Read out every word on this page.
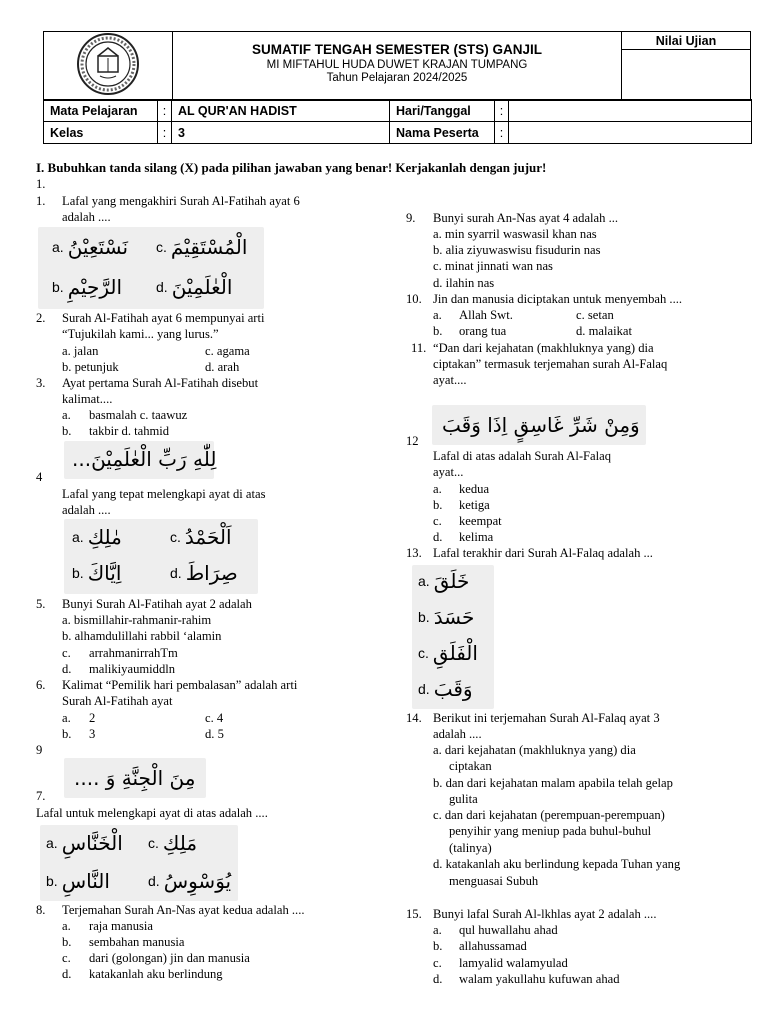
SUMATIF TENGAH SEMESTER (STS) GANJIL
MI MIFTAHUL HUDA DUWET KRAJAN TUMPANG
Tahun Pelajaran 2024/2025

Nilai Ujian
Mata Pelajaran	:	AL QUR'AN HADIST	Hari/Tanggal	:	
Kelas	:	3	Nama Peserta	:	
I. Bubuhkan tanda silang (X) pada pilihan jawaban yang benar! Kerjakanlah dengan jujur!
1.
1. Lafal yang mengakhiri Surah Al-Fatihah ayat 6
adalah ....
a. نَسْتَعِيْنُ c. الْمُسْتَقِيْمَ
b. الرَّحِيْمِ d. الْعٰلَمِيْنَ
2. Surah Al-Fatihah ayat 6 mempunyai arti
“Tujukilah kami... yang lurus.”
a. jalan	c. agama
b. petunjuk	d. arah
3. Ayat pertama Surah Al-Fatihah disebut
kalimat....
a. basmalah c. taawuz
b. takbir d. tahmid
لِلّٰهِ رَبِّ الْعٰلَمِيْنَ...
4
Lafal yang tepat melengkapi ayat di atas
adalah ....
a. مٰلِكِ	c. اَلْحَمْدُ
b. اِيَّاكَ	d. صِرَاطَ
5. Bunyi Surah Al-Fatihah ayat 2 adalah
a. bismillahir-rahmanir-rahim
b. alhamdulillahi rabbil ‘alamin
c. arrahmanirrahTm
d. malikiyaumiddln
6. Kalimat “Pemilik hari pembalasan” adalah arti
Surah Al-Fatihah ayat
a. 2	c. 4
b. 3	d. 5
9
مِنَ الْجِنَّةِ وَ ....
7.
Lafal untuk melengkapi ayat di atas adalah ....
a. الْخَنَّاسِ c. مَلِكِ
b. النَّاسِ	d. يُوَسْوِسُ
8. Terjemahan Surah An-Nas ayat kedua adalah ....
a. raja manusia
b. sembahan manusia
c. dari (golongan) jin dan manusia
d. katakanlah aku berlindung
9. Bunyi surah An-Nas ayat 4 adalah ...
a. min syarril waswasil khan nas
b. alia ziyuwaswisu fisudurin nas
c. minat jinnati wan nas
d. ilahin nas
10. Jin dan manusia diciptakan untuk menyembah ....
a. Allah Swt.	c. setan
b. orang tua	d. malaikat
11. “Dan dari kejahatan (makhluknya yang) dia
ciptakan” termasuk terjemahan surah Al-Falaq
ayat....
وَمِنْ شَرِّ غَاسِقٍ اِذَا وَقَبَ
12
Lafal di atas adalah Surah Al-Falaq
ayat...
a. kedua
b. ketiga
c. keempat
d. kelima
13. Lafal terakhir dari Surah Al-Falaq adalah ...
a. خَلَقَ
b. حَسَدَ
c. الْفَلَقِ
d. وَقَبَ
14. Berikut ini terjemahan Surah Al-Falaq ayat 3
adalah ....
a. dari kejahatan (makhluknya yang) dia
ciptakan
b. dan dari kejahatan malam apabila telah gelap
gulita
c. dan dari kejahatan (perempuan-perempuan)
penyihir yang meniup pada buhul-buhul
(talinya)
d. katakanlah aku berlindung kepada Tuhan yang
menguasai Subuh
15. Bunyi lafal Surah Al-lkhlas ayat 2 adalah ....
a. qul huwallahu ahad
b. allahussamad
c. lamyalid walamyulad
d. walam yakullahu kufuwan ahad
